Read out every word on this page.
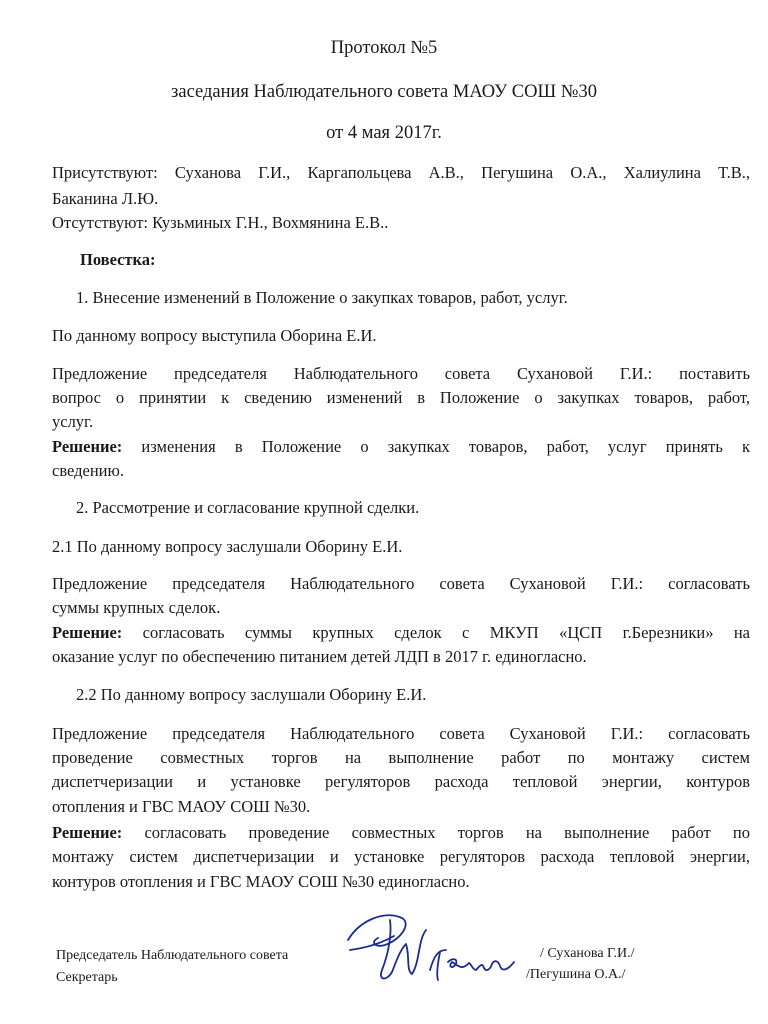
Протокол №5
заседания Наблюдательного совета МАОУ СОШ №30
от 4 мая 2017г.
Присутствуют: Суханова Г.И., Каргапольцева А.В., Пегушина О.А., Халиулина Т.В.,
Баканина Л.Ю.
Отсутствуют: Кузьминых Г.Н., Вохмянина Е.В..
Повестка:
1. Внесение изменений в Положение о закупках товаров, работ, услуг.
По данному вопросу выступила Оборина Е.И.
Предложение председателя Наблюдательного совета Сухановой Г.И.: поставить
вопрос о принятии к сведению изменений в Положение о закупках товаров, работ,
услуг.
Решение: изменения в Положение о закупках товаров, работ, услуг принять к
сведению.
2. Рассмотрение и согласование крупной сделки.
2.1 По данному вопросу заслушали Оборину Е.И.
Предложение председателя Наблюдательного совета Сухановой Г.И.: согласовать
суммы крупных сделок.
Решение: согласовать суммы крупных сделок с МКУП «ЦСП г.Березники» на
оказание услуг по обеспечению питанием детей ЛДП в 2017 г. единогласно.
2.2 По данному вопросу заслушали Оборину Е.И.
Предложение председателя Наблюдательного совета Сухановой Г.И.: согласовать
проведение совместных торгов на выполнение работ по монтажу систем
диспетчеризации и установке регуляторов расхода тепловой энергии, контуров
отопления и ГВС МАОУ СОШ №30.
Решение: согласовать проведение совместных торгов на выполнение работ по
монтажу систем диспетчеризации и установке регуляторов расхода тепловой энергии,
контуров отопления и ГВС МАОУ СОШ №30 единогласно.
Председатель Наблюдательного совета
Секретарь
/ Суханова Г.И./
/Пегушина О.А./
